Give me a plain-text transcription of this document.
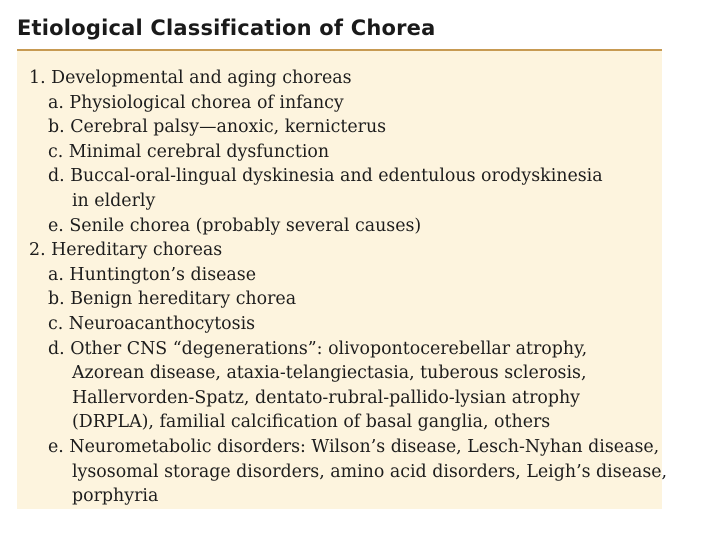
Etiological Classification of Chorea
1. Developmental and aging choreas
a. Physiological chorea of infancy
b. Cerebral palsy—anoxic, kernicterus
c. Minimal cerebral dysfunction
d. Buccal-oral-lingual dyskinesia and edentulous orodyskinesia
in elderly
e. Senile chorea (probably several causes)
2. Hereditary choreas
a. Huntington’s disease
b. Benign hereditary chorea
c. Neuroacanthocytosis
d. Other CNS “degenerations”: olivopontocerebellar atrophy,
Azorean disease, ataxia-telangiectasia, tuberous sclerosis,
Hallervorden-Spatz, dentato-rubral-pallido-lysian atrophy
(DRPLA), familial calcification of basal ganglia, others
e. Neurometabolic disorders: Wilson’s disease, Lesch-Nyhan disease,
lysosomal storage disorders, amino acid disorders, Leigh’s disease,
porphyria
